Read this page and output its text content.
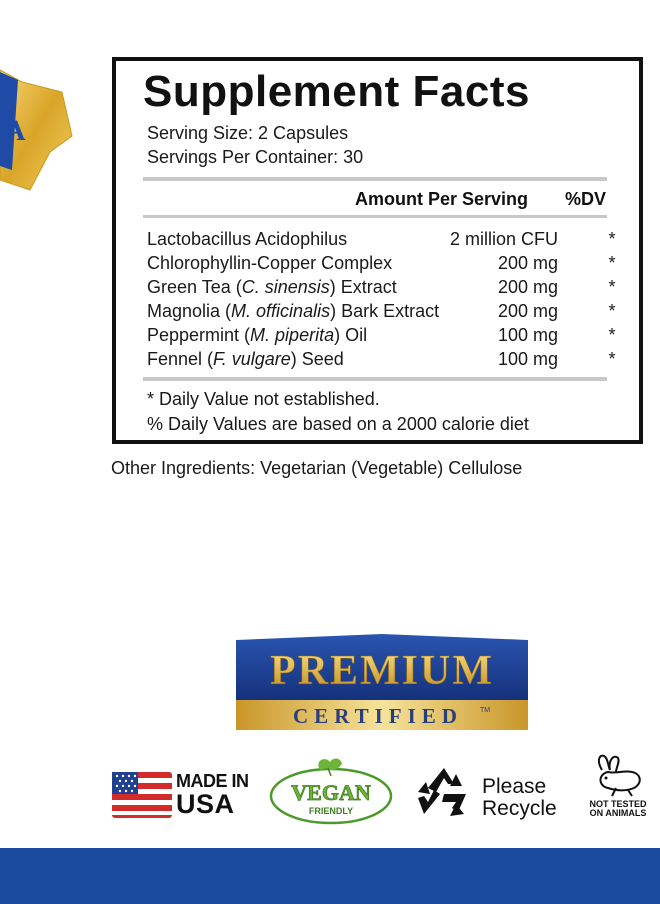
A
Supplement Facts
Serving Size: 2 Capsules
Servings Per Container: 30
Amount Per Serving %DV
Lactobacillus Acidophilus	2 million CFU	*
Chlorophyllin-Copper Complex	200 mg	*
Green Tea (C. sinensis) Extract	200 mg	*
Magnolia (M. officinalis) Bark Extract	200 mg	*
Peppermint (M. piperita) Oil	100 mg	*
Fennel (F. vulgare) Seed	100 mg	*
* Daily Value not established.
% Daily Values are based on a 2000 calorie diet
Other Ingredients: Vegetarian (Vegetable) Cellulose
PREMIUM
CERTIFIED TM
MADE IN
USA	VEGAN
FRIENDLY
Please
Recycle	NOT TESTED
ON ANIMALS
